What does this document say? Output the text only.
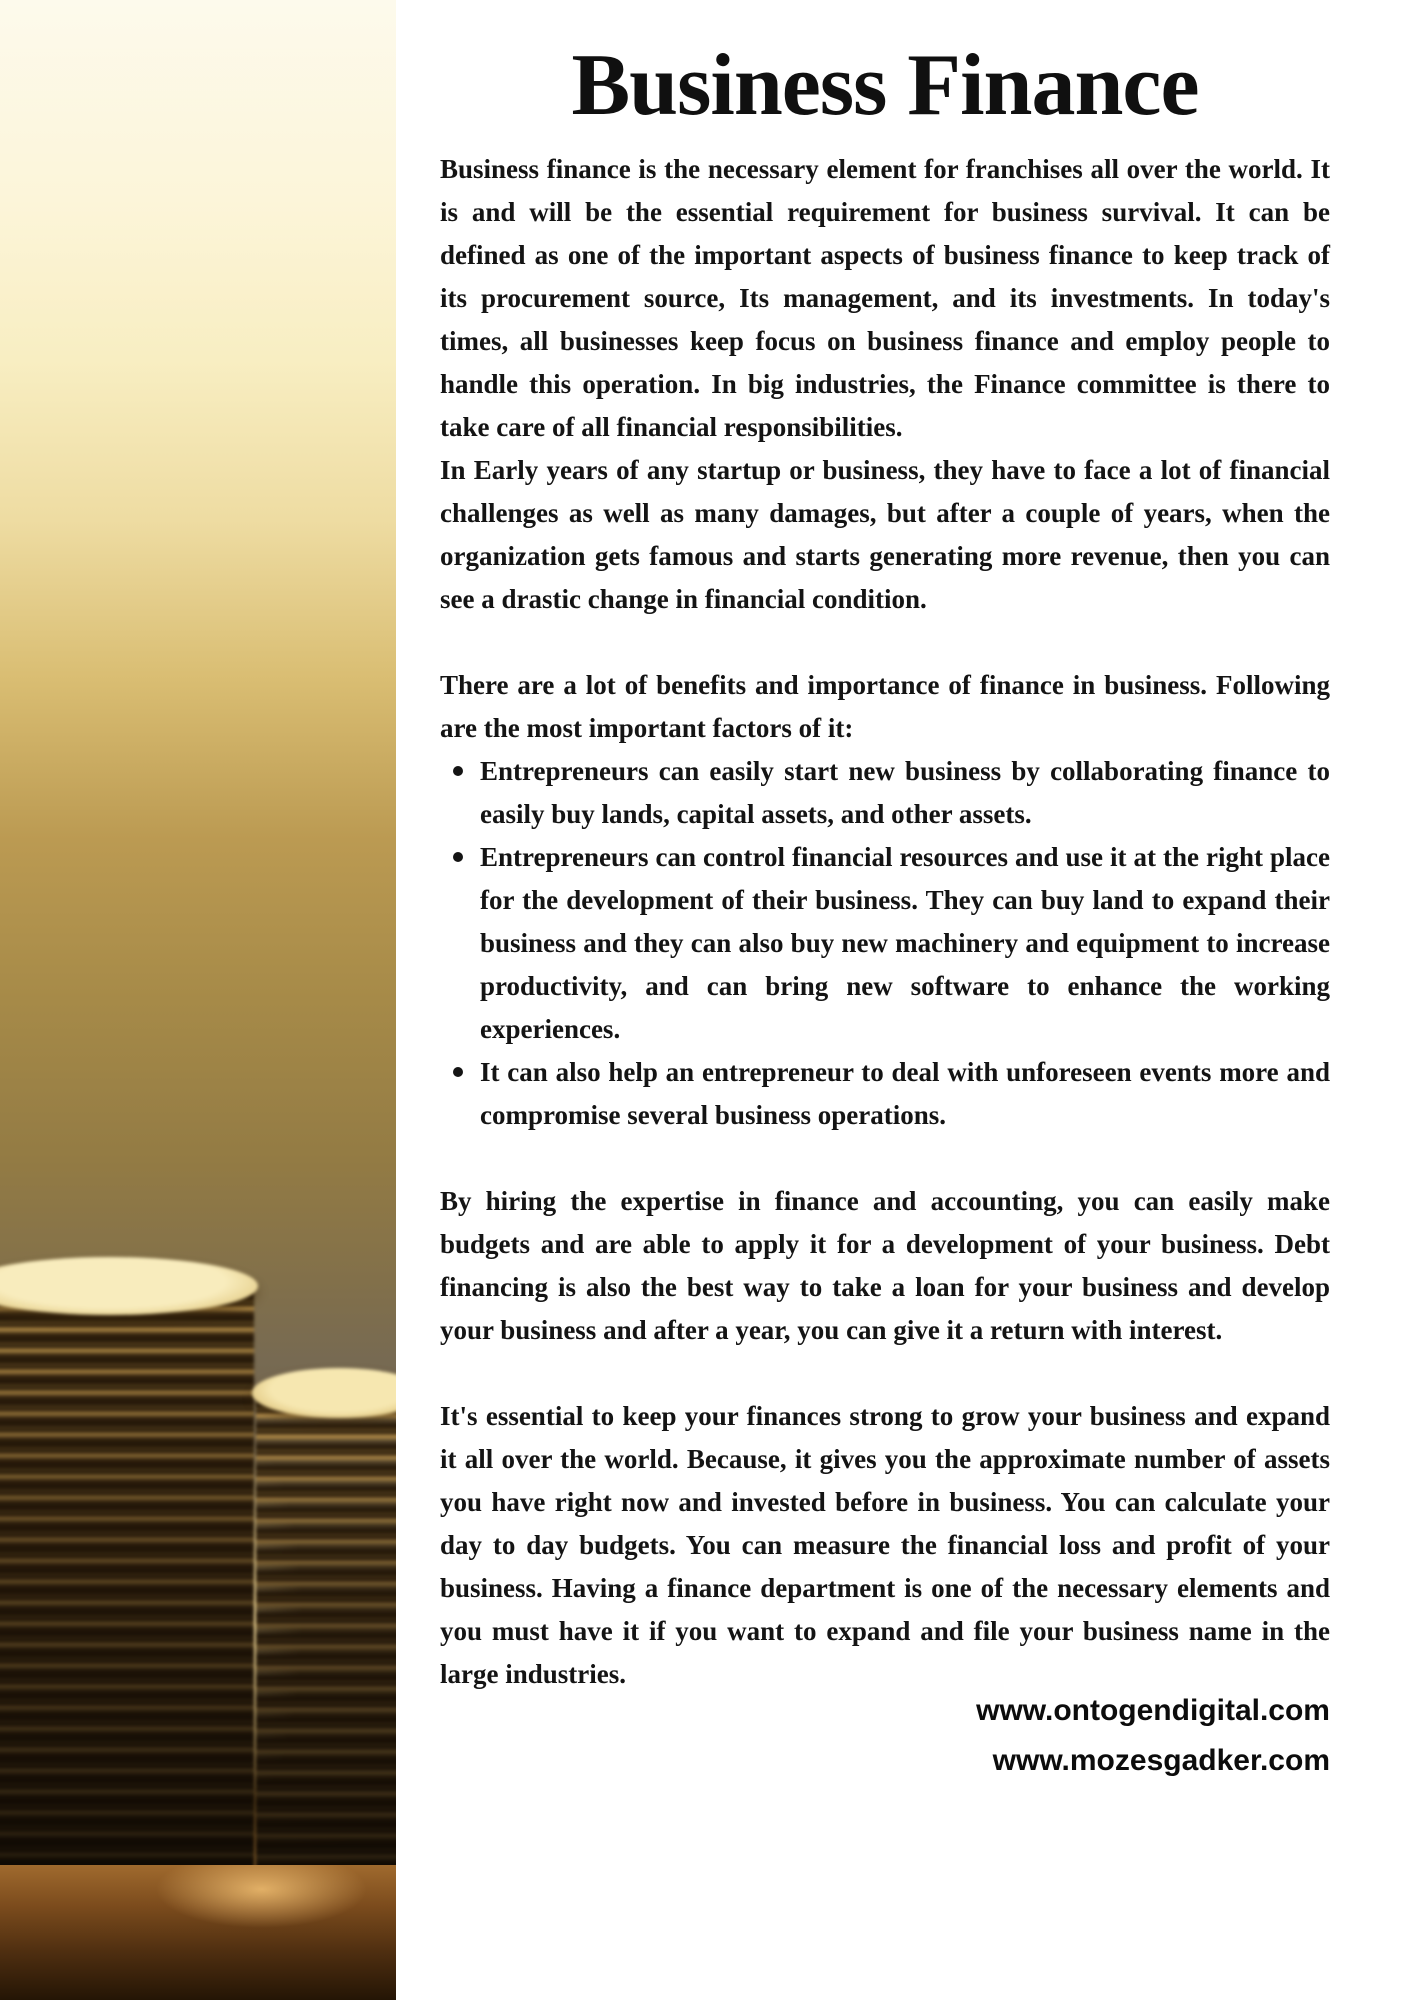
Business Finance

Business finance is the necessary element for franchises all over the world. It is and will be the essential requirement for business survival. It can be defined as one of the important aspects of business finance to keep track of its procurement source, Its management, and its investments. In today's times, all businesses keep focus on business finance and employ people to handle this operation. In big industries, the Finance committee is there to take care of all financial responsibilities.

In Early years of any startup or business, they have to face a lot of financial challenges as well as many damages, but after a couple of years, when the organization gets famous and starts generating more revenue, then you can see a drastic change in financial condition.

There are a lot of benefits and importance of finance in business. Following are the most important factors of it:

Entrepreneurs can easily start new business by collaborating finance to easily buy lands, capital assets, and other assets.
Entrepreneurs can control financial resources and use it at the right place for the development of their business. They can buy land to expand their business and they can also buy new machinery and equipment to increase productivity, and can bring new software to enhance the working experiences.
It can also help an entrepreneur to deal with unforeseen events more and compromise several business operations.

By hiring the expertise in finance and accounting, you can easily make budgets and are able to apply it for a development of your business. Debt financing is also the best way to take a loan for your business and develop your business and after a year, you can give it a return with interest.

It's essential to keep your finances strong to grow your business and expand it all over the world. Because, it gives you the approximate number of assets you have right now and invested before in business. You can calculate your day to day budgets. You can measure the financial loss and profit of your business. Having a finance department is one of the necessary elements and you must have it if you want to expand and file your business name in the large industries.

www.ontogendigital.com
www.mozesgadker.com
